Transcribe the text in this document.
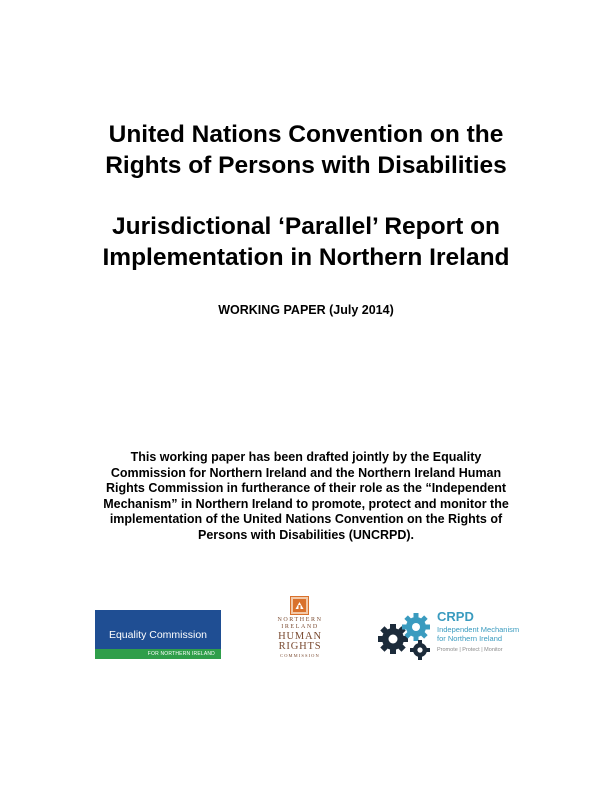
United Nations Convention on the
Rights of Persons with Disabilities
Jurisdictional ‘Parallel’ Report on
Implementation in Northern Ireland
WORKING PAPER (July 2014)
This working paper has been drafted jointly by the Equality
Commission for Northern Ireland and the Northern Ireland Human
Rights Commission in furtherance of their role as the “Independent
Mechanism” in Northern Ireland to promote, protect and monitor the
implementation of the United Nations Convention on the Rights of
Persons with Disabilities (UNCRPD).
Equality Commission
FOR NORTHERN IRELAND
NORTHERN
IRELAND
HUMAN
RIGHTS
COMMISSION
CRPD
Independent Mechanism
for Northern Ireland
Promote | Protect | Monitor
